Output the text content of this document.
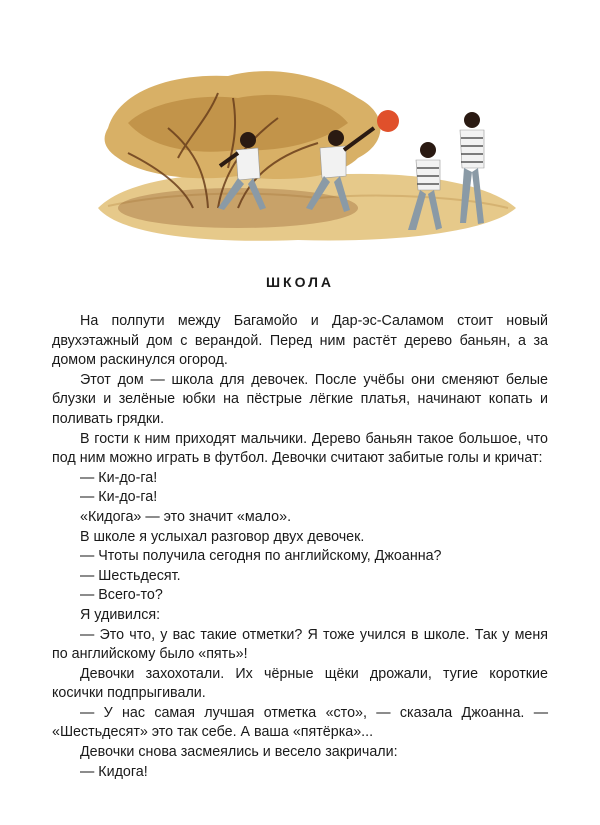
ШКОЛА

На полпути между Багамойо и Дар-эс-Саламом стоит новый двухэтажный дом с верандой. Перед ним растёт дерево баньян, а за домом раскинулся огород.

Этот дом — школа для девочек. После учёбы они сменяют белые блузки и зелёные юбки на пёстрые лёгкие платья, начинают копать и поливать грядки.

В гости к ним приходят мальчики. Дерево баньян такое большое, что под ним можно играть в футбол. Девочки считают забитые голы и кричат:

— Ки-до-га!

— Ки-до-га!

«Кидога» — это значит «мало».

В школе я услыхал разговор двух девочек.

— Чтоты получила сегодня по английскому, Джоанна?

— Шестьдесят.

— Всего-то?

Я удивился:

— Это что, у вас такие отметки? Я тоже учился в школе. Так у меня по английскому было «пять»!

Девочки захохотали. Их чёрные щёки дрожали, тугие короткие косички подпрыгивали.

— У нас самая лучшая отметка «сто», — сказала Джоанна. — «Шестьдесят» это так себе. А ваша «пятёрка»...

Девочки снова засмеялись и весело закричали:

— Кидога!
